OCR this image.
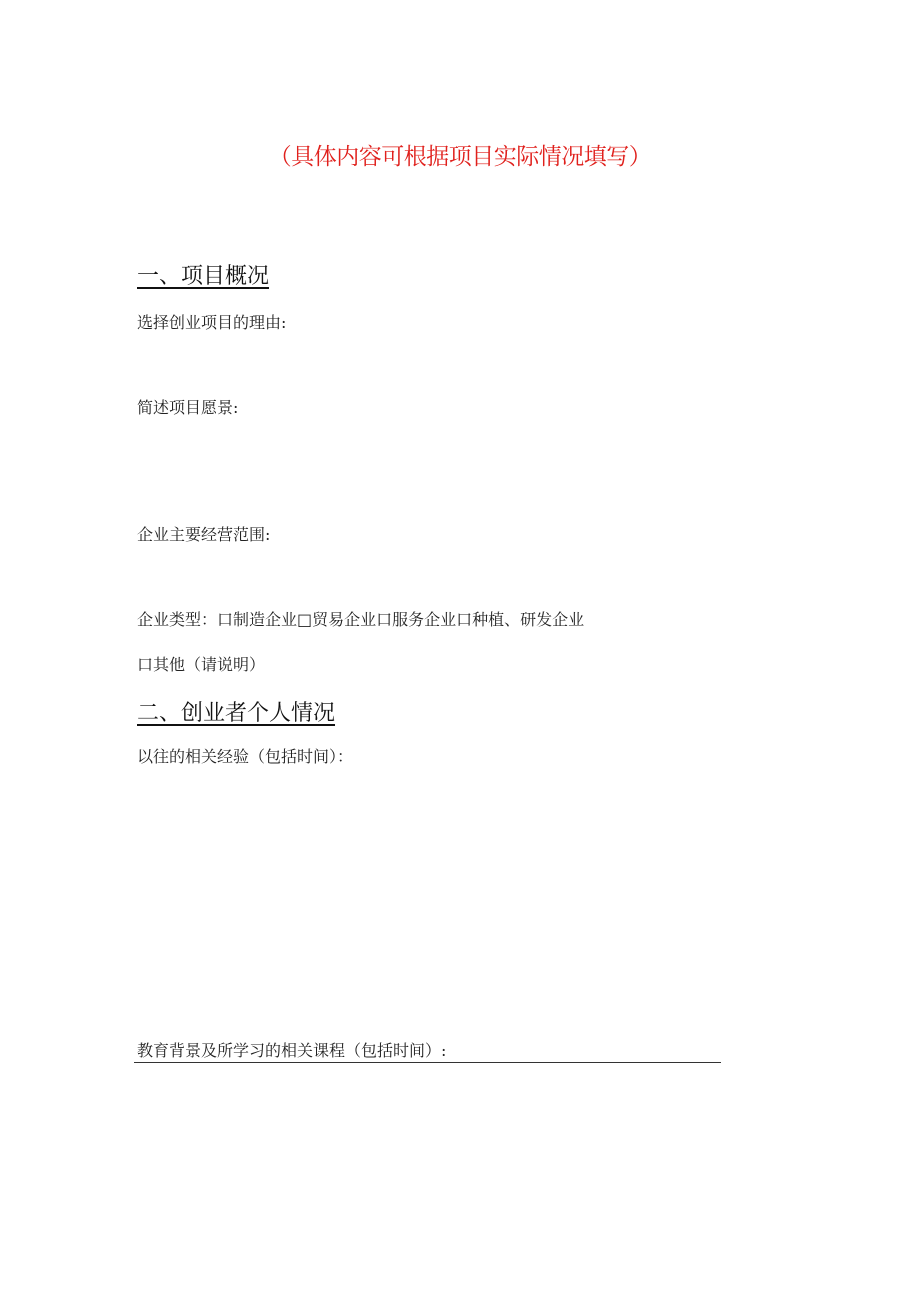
（具体内容可根据项目实际情况填写）
一、项目概况
选择创业项目的理由:
简述项目愿景:
企业主要经营范围:
企业类型：口制造企业□贸易企业口服务企业口种植、研发企业
口其他（请说明）
二、创业者个人情况
以往的相关经验（包括时间）：
教育背景及所学习的相关课程（包括时间）:
